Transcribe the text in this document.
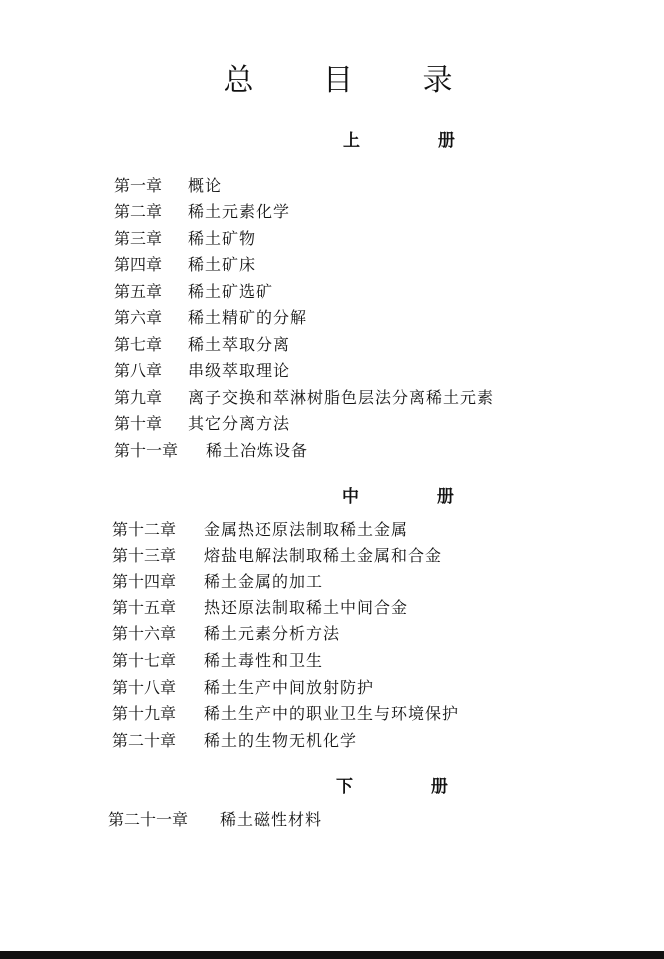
总 目 录
上 册
第一章 概论
第二章 稀土元素化学
第三章 稀土矿物
第四章 稀土矿床
第五章 稀土矿选矿
第六章 稀土精矿的分解
第七章 稀土萃取分离
第八章 串级萃取理论
第九章 离子交换和萃淋树脂色层法分离稀土元素
第十章 其它分离方法
第十一章 稀土冶炼设备
中 册
第十二章 金属热还原法制取稀土金属
第十三章 熔盐电解法制取稀土金属和合金
第十四章 稀土金属的加工
第十五章 热还原法制取稀土中间合金
第十六章 稀土元素分析方法
第十七章 稀土毒性和卫生
第十八章 稀土生产中间放射防护
第十九章 稀土生产中的职业卫生与环境保护
第二十章 稀土的生物无机化学
下 册
第二十一章 稀土磁性材料
